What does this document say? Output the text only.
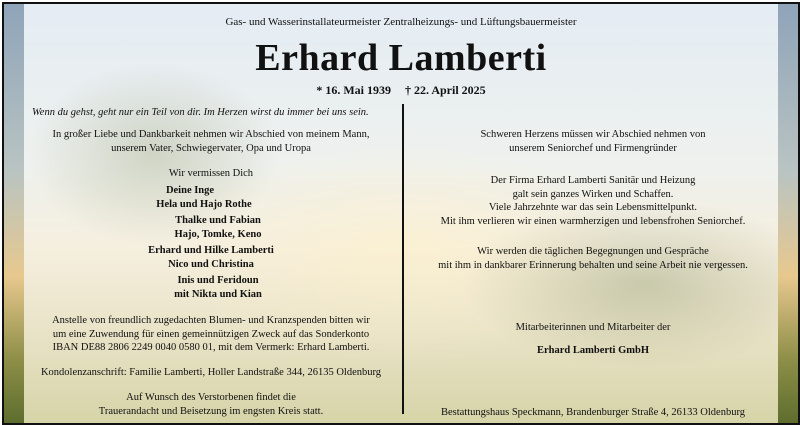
Gas- und Wasserinstallateurmeister Zentralheizungs- und Lüftungsbauermeister
Erhard Lamberti
* 16. Mai 1939 † 22. April 2025
Wenn du gehst, geht nur ein Teil von dir. Im Herzen wirst du immer bei uns sein.

In großer Liebe und Dankbarkeit nehmen wir Abschied von meinem Mann,

unserem Vater, Schwiegervater, Opa und Uropa

Wir vermissen Dich
Deine Inge
Hela und Hajo Rothe
Thalke und Fabian
Hajo, Tomke, Keno
Erhard und Hilke Lamberti
Nico und Christina
Inis und Feridoun
mit Nikta und Kian

Anstelle von freundlich zugedachten Blumen- und Kranzspenden bitten wir

um eine Zuwendung für einen gemeinnützigen Zweck auf das Sonderkonto

IBAN DE88 2806 2249 0040 0580 01, mit dem Vermerk: Erhard Lamberti.

Kondolenzanschrift: Familie Lamberti, Holler Landstraße 344, 26135 Oldenburg

Auf Wunsch des Verstorbenen findet die

Trauerandacht und Beisetzung im engsten Kreis statt.

Schweren Herzens müssen wir Abschied nehmen von

unserem Seniorchef und Firmengründer

Der Firma Erhard Lamberti Sanitär und Heizung

galt sein ganzes Wirken und Schaffen.

Viele Jahrzehnte war das sein Lebensmittelpunkt.

Mit ihm verlieren wir einen warmherzigen und lebensfrohen Seniorchef.

Wir werden die täglichen Begegnungen und Gespräche

mit ihm in dankbarer Erinnerung behalten und seine Arbeit nie vergessen.

Mitarbeiterinnen und Mitarbeiter der
Erhard Lamberti GmbH
Bestattungshaus Speckmann, Brandenburger Straße 4, 26133 Oldenburg
